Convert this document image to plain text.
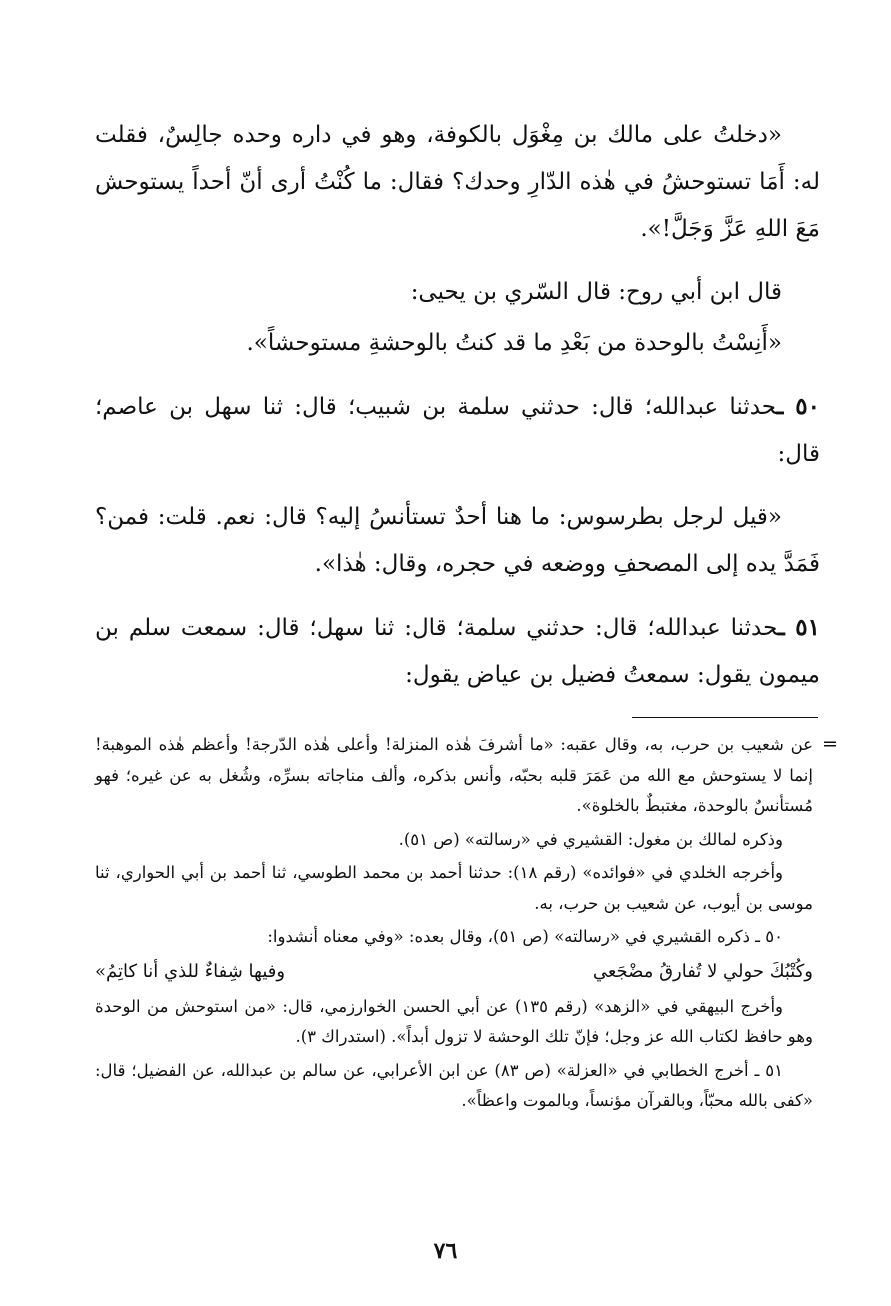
«دخلتُ على مالك بن مِغْوَل بالكوفة، وهو في داره وحده جالِسٌ، فقلت له: أَمَا تستوحشُ في هٰذه الدّارِ وحدك؟ فقال: ما كُنْتُ أرى أنّ أحداً يستوحش مَعَ اللهِ عَزَّ وَجَلَّ!».

قال ابن أبي روح: قال السّري بن يحيى:

«أَنِسْتُ بالوحدة من بَعْدِ ما قد كنتُ بالوحشةِ مستوحشاً».

٥٠ ـحدثنا عبدالله؛ قال: حدثني سلمة بن شبيب؛ قال: ثنا سهل بن عاصم؛ قال:

«قيل لرجل بطرسوس: ما هنا أحدٌ تستأنسُ إليه؟ قال: نعم. قلت: فمن؟ فَمَدَّ يده إلى المصحفِ ووضعه في حجره، وقال: هٰذا».

٥١ ـحدثنا عبدالله؛ قال: حدثني سلمة؛ قال: ثنا سهل؛ قال: سمعت سلم بن ميمون يقول: سمعتُ فضيل بن عياض يقول:

=

عن شعيب بن حرب، به، وقال عقبه: «ما أشرفَ هٰذه المنزلة! وأعلى هٰذه الدّرجة! وأعظم هٰذه الموهبة! إنما لا يستوحش مع الله من عَمَرَ قلبه بحبّه، وأنس بذكره، وألف مناجاته بسرِّه، وشُغل به عن غيره؛ فهو مُستأنسٌ بالوحدة، مغتبطٌ بالخلوة».

وذكره لمالك بن مغول: القشيري في «رسالته» (ص ٥١).

وأخرجه الخلدي في «فوائده» (رقم ١٨): حدثنا أحمد بن محمد الطوسي، ثنا أحمد بن أبي الحواري، ثنا موسى بن أيوب، عن شعيب بن حرب، به.

٥٠ ـ ذكره القشيري في «رسالته» (ص ٥١)، وقال بعده: «وفي معناه أنشدوا:

وكُتْبُكَ حولي لا تُفارقُ مضْجَعي
وفيها شِفاءٌ للذي أنا كاتِمُ»

وأخرج البيهقي في «الزهد» (رقم ١٣٥) عن أبي الحسن الخوارزمي، قال: «من استوحش من الوحدة وهو حافظ لكتاب الله عز وجل؛ فإنّ تلك الوحشة لا تزول أبداً». (استدراك ٣).

٥١ ـ أخرج الخطابي في «العزلة» (ص ٨٣) عن ابن الأعرابي، عن سالم بن عبدالله، عن الفضيل؛ قال: «كفى بالله محبّاً، وبالقرآن مؤنساً، وبالموت واعظاً».

٧٦
